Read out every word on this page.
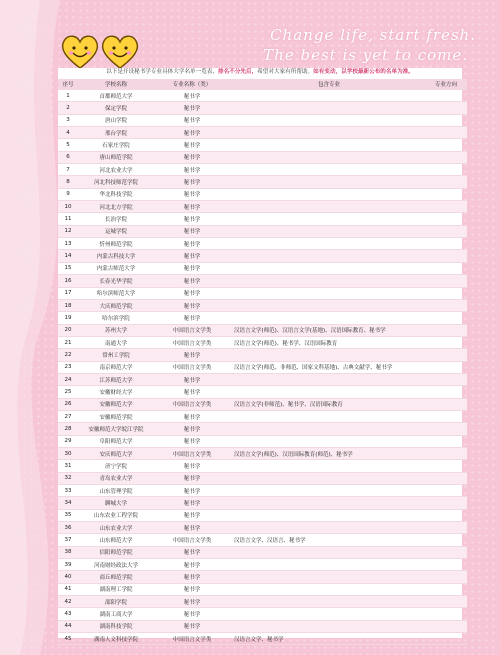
Change life, start fresh.
The best is yet to come.
以下是开设秘书学专业具体大学名单一览表，排名不分先后，希望对大家有所帮助。如有变动，以学校最新公布的名单为准。
序号	学校名称	专业名称（类）	包含专业	专业方向
1	首都师范大学	秘书学		
2	保定学院	秘书学		
3	唐山学院	秘书学		
4	邢台学院	秘书学		
5	石家庄学院	秘书学		
6	唐山师范学院	秘书学		
7	河北农业大学	秘书学		
8	河北科技师范学院	秘书学		
9	华北科技学院	秘书学		
10	河北北方学院	秘书学		
11	长治学院	秘书学		
12	运城学院	秘书学		
13	忻州师范学院	秘书学		
14	内蒙古科技大学	秘书学		
15	内蒙古师范大学	秘书学		
16	长春光华学院	秘书学		
17	哈尔滨师范大学	秘书学		
18	大庆师范学院	秘书学		
19	哈尔滨学院	秘书学		
20	苏州大学	中国语言文学类	汉语言文学(师范)、汉语言文学(基地)、汉语国际教育、秘书学	
21	南通大学	中国语言文学类	汉语言文学(师范)、秘书学、汉语国际教育	
22	常州工学院	秘书学		
23	南京师范大学	中国语言文学类	汉语言文学(师范、非师范、国家文科基地)、古典文献学、秘书学	
24	江苏师范大学	秘书学		
25	安徽财经大学	秘书学		
26	安徽师范大学	中国语言文学类	汉语言文学(非师范)、秘书学、汉语国际教育	
27	安徽师范学院	秘书学		
28	安徽师范大学皖江学院	秘书学		
29	阜阳师范大学	秘书学		
30	安庆师范大学	中国语言文学类	汉语言文学(师范)、汉语国际教育(师范)、秘书学	
31	济宁学院	秘书学		
32	青岛农业大学	秘书学		
33	山东管理学院	秘书学		
34	聊城大学	秘书学		
35	山东农业工程学院	秘书学		
36	山东农业大学	秘书学		
37	山东师范大学	中国语言文学类	汉语言文学、汉语言、秘书学	
38	信阳师范学院	秘书学		
39	河南财经政法大学	秘书学		
40	商丘师范学院	秘书学		
41	湖南理工学院	秘书学		
42	邵阳学院	秘书学		
43	湖南工商大学	秘书学		
44	湖南科技学院	秘书学		
45	湖南人文科技学院	中国语言文学类	汉语言文学、秘书学	
